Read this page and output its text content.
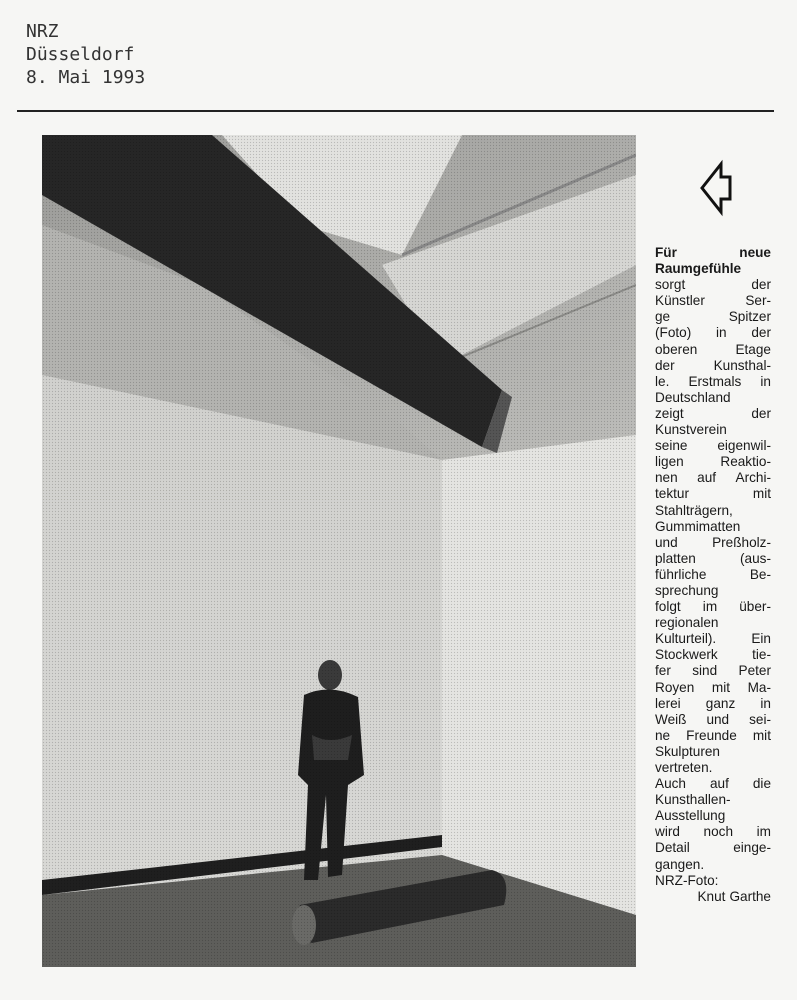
NRZ
Düsseldorf
8. Mai 1993
Für	neue
Raumgefühle
sorgt	der
Künstler	Ser-
ge	Spitzer
(Foto) in der
oberen	Etage
der	Kunsthal-
le. Erstmals in
Deutschland
zeigt	der
Kunstverein
seine eigenwil-
ligen	Reaktio-
nen auf Archi-
tektur	mit
Stahlträgern,
Gummimatten
und	Preßholz-
platten	(aus-
führliche	Be-
sprechung
folgt im über-
regionalen
Kulturteil).	Ein
Stockwerk	tie-
fer sind Peter
Royen mit Ma-
lerei ganz in
Weiß und sei-
ne Freunde mit
Skulpturen
vertreten.
Auch auf die
Kunsthallen-
Ausstellung
wird noch im
Detail	einge-
gangen.
NRZ-Foto:
Knut Garthe
